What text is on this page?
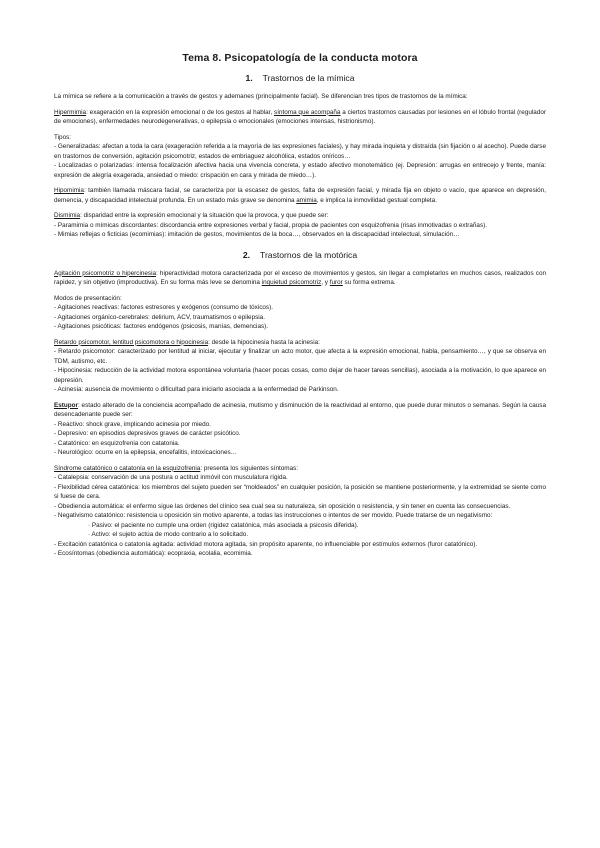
Tema 8. Psicopatología de la conducta motora
1. Trastornos de la mímica

La mímica se refiere a la comunicación a través de gestos y ademanes (principalmente facial). Se diferencian tres tipos de trastornos de la mímica:

Hipermimia: exageración en la expresión emocional o de los gestos al hablar, síntoma que acompaña a ciertos trastornos causadas por lesiones en el lóbulo frontal (regulador de emociones), enfermedades neurodegenerativas, o epilepsia o emocionales (emociones intensas, histrionismo).

Tipos:

- Generalizadas: afectan a toda la cara (exageración referida a la mayoría de las expresiones faciales), y hay mirada inquieta y distraída (sin fijación o al acecho). Puede darse en trastornos de conversión, agitación psicomotriz, estados de embriaguez alcohólica, estados oníricos…

- Localizadas o polarizadas: intensa focalización afectiva hacia una vivencia concreta, y estado afectivo monotemático (ej. Depresión: arrugas en entrecejo y frente, manía: expresión de alegría exagerada, ansiedad o miedo: crispación en cara y mirada de miedo…).

Hipomimia: también llamada máscara facial, se caracteriza por la escasez de gestos, falta de expresión facial, y mirada fija en objeto o vacío, que aparece en depresión, demencia, y discapacidad intelectual profunda. En un estado más grave se denomina amimia, e implica la inmovilidad gestual completa.

Dismimia: disparidad entre la expresión emocional y la situación que la provoca, y que puede ser:

- Paramimia o mímicas discordantes: discordancia entre expresiones verbal y facial, propia de pacientes con esquizofrenia (risas inmotivadas o extrañas).

- Mimias reflejas o ficticias (ecomimias): imitación de gestos, movimientos de la boca…, observados en la discapacidad intelectual, simulación…

2. Trastornos de la motórica

Agitación psicomotriz o hipercinesia: hiperactividad motora caracterizada por el exceso de movimientos y gestos, sin llegar a completarlos en muchos casos, realizados con rapidez, y sin objetivo (improductiva). En su forma más leve se denomina inquietud psicomotriz, y furor su forma extrema.

Modos de presentación:

- Agitaciones reactivas: factores estresores y exógenos (consumo de tóxicos).

- Agitaciones orgánico-cerebrales: delirium, ACV, traumatismos o epilepsia.

- Agitaciones psicóticas: factores endógenos (psicosis, manías, demencias).

Retardo psicomotor, lentitud psicomotora o hipocinesia: desde la hipocinesia hasta la acinesia:

- Retardo psicomotor: caracterizado por lentitud al iniciar, ejecutar y finalizar un acto motor, que afecta a la expresión emocional, habla, pensamiento…, y que se observa en TDM, autismo, etc.

- Hipocinesia: reducción de la actividad motora espontánea voluntaria (hacer pocas cosas, como dejar de hacer tareas sencillas), asociada a la motivación, lo que aparece en depresión.

- Acinesia: ausencia de movimiento o dificultad para iniciarlo asociada a la enfermedad de Parkinson.

Estupor: estado alterado de la conciencia acompañado de acinesia, mutismo y disminución de la reactividad al entorno, que puede durar minutos o semanas. Según la causa desencadenante puede ser:

- Reactivo: shock grave, implicando acinesia por miedo.

- Depresivo: en episodios depresivos graves de carácter psicótico.

- Catatónico: en esquizofrenia con catatonia.

- Neurológico: ocurre en la epilepsia, encefalitis, intoxicaciones…

Síndrome catatónico o catatonía en la esquizofrenia: presenta los siguientes síntomas:

- Catalepsia: conservación de una postura o actitud inmóvil con musculatura rígida.

- Flexibilidad cérea catatónica: los miembros del sujeto pueden ser “moldeados” en cualquier posición, la posición se mantiene posteriormente, y la extremidad se siente como si fuese de cera.

- Obediencia automática: el enfermo sigue las órdenes del clínico sea cual sea su naturaleza, sin oposición o resistencia, y sin tener en cuenta las consecuencias.

- Negativismo catatónico: resistencia u oposición sin motivo aparente, a todas las instrucciones o intentos de ser movido. Puede tratarse de un negativismo:

· Pasivo: el paciente no cumple una orden (rigidez catatónica, más asociada a psicosis diferida).

· Activo: el sujeto actúa de modo contrario a lo solicitado.

- Excitación catatónica o catatonía agitada: actividad motora agitada, sin propósito aparente, no influenciable por estímulos externos (furor catatónico).

- Ecosíntomas (obediencia automática): ecopraxia, ecolalia, ecomimia.
